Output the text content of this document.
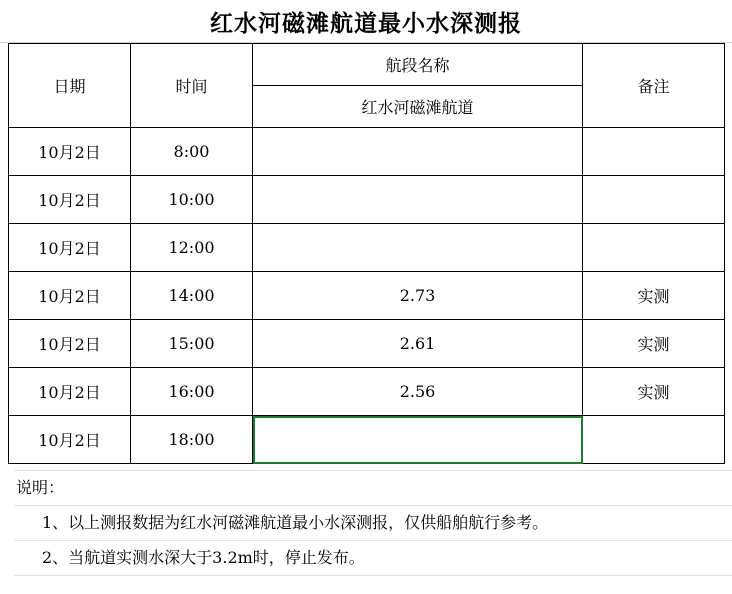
红水河磁滩航道最小水深测报
日期	时间	航段名称	备注
		红水河磁滩航道	
10月2日	8:00		
10月2日	10:00		
10月2日	12:00		
10月2日	14:00	2.73	实测
10月2日	15:00	2.61	实测
10月2日	16:00	2.56	实测
10月2日	18:00		
说明：
1、以上测报数据为红水河磁滩航道最小水深测报，仅供船舶航行参考。
2、当航道实测水深大于3.2m时，停止发布。
